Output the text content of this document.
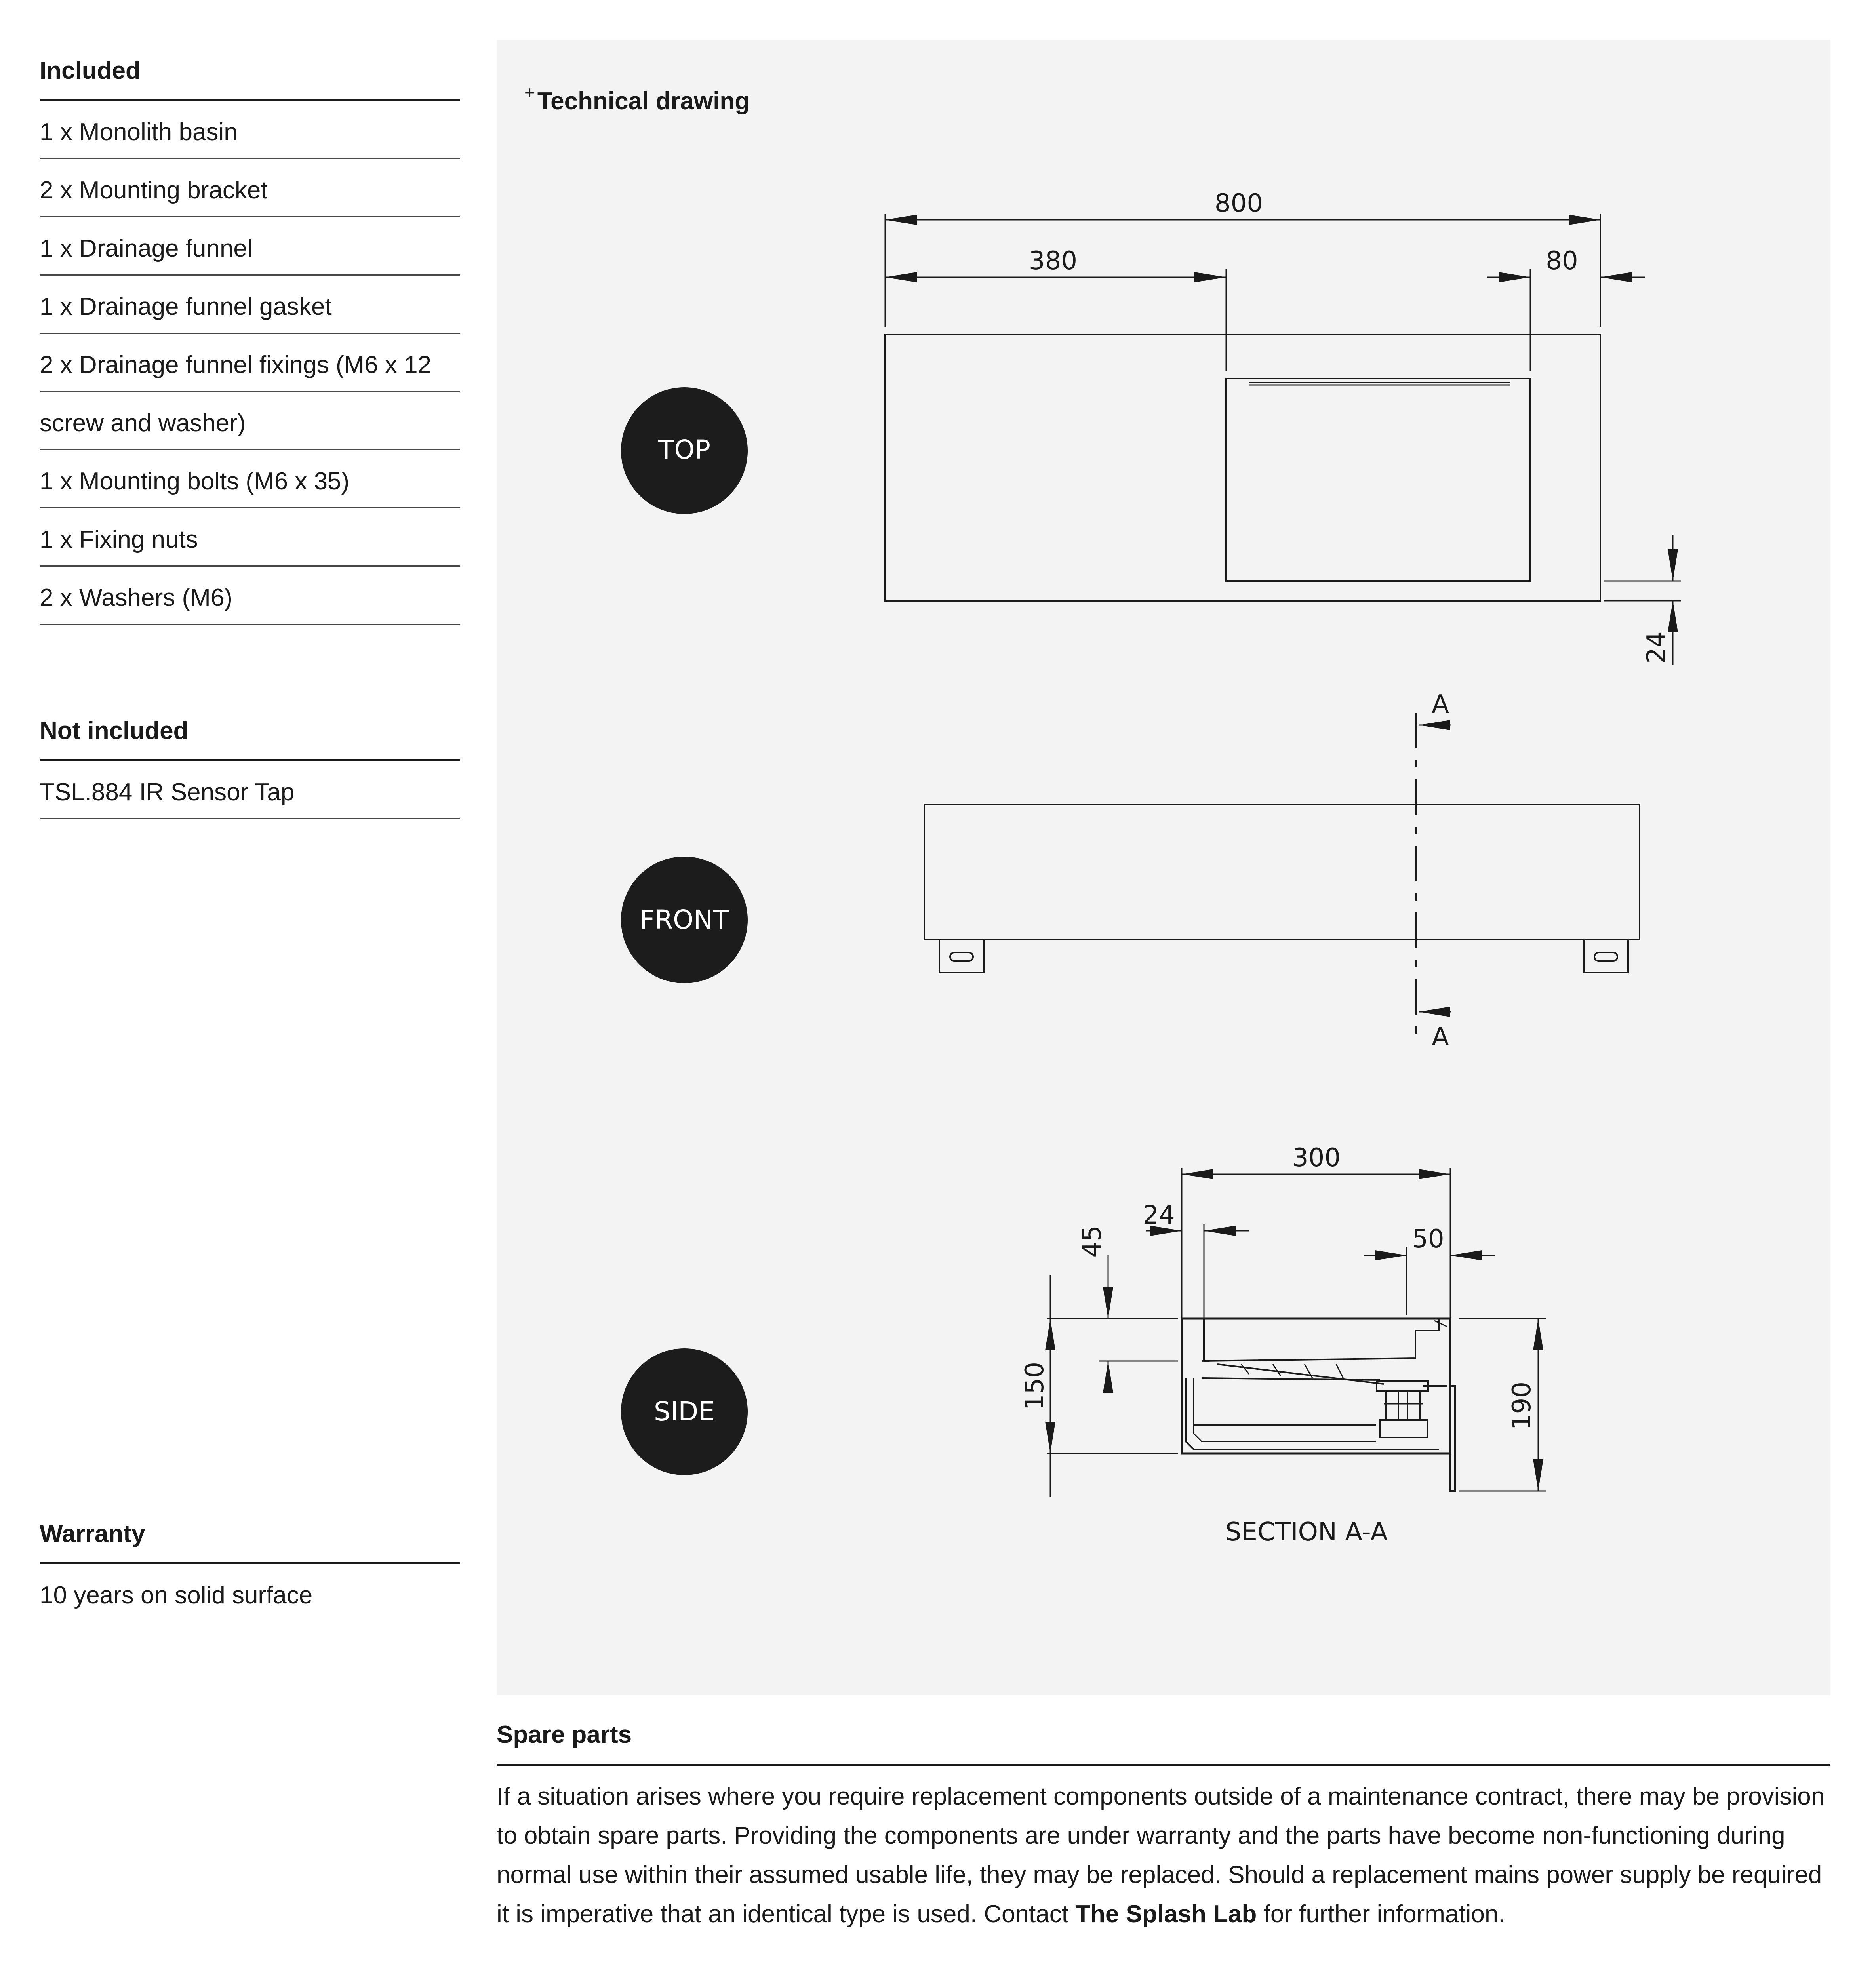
Included
1 x Monolith basin
2 x Mounting bracket
1 x Drainage funnel
1 x Drainage funnel gasket
2 x Drainage funnel fixings (M6 x 12
screw and washer)
1 x Mounting bolts (M6 x 35)
1 x Fixing nuts
2 x Washers (M6)
Not included
TSL.884 IR Sensor Tap
Warranty
10 years on solid surface
+Technical drawing
TOP
FRONT
SIDE
800
380	80
24
A
A
300
24
50
45
150	190
SECTION A-A
Spare parts
If a situation arises where you require replacement components outside of a maintenance contract, there may be provision to obtain spare parts. Providing the components are under warranty and the parts have become non-functioning during normal use within their assumed usable life, they may be replaced. Should a replacement mains power supply be required it is imperative that an identical type is used. Contact The Splash Lab for further information.
